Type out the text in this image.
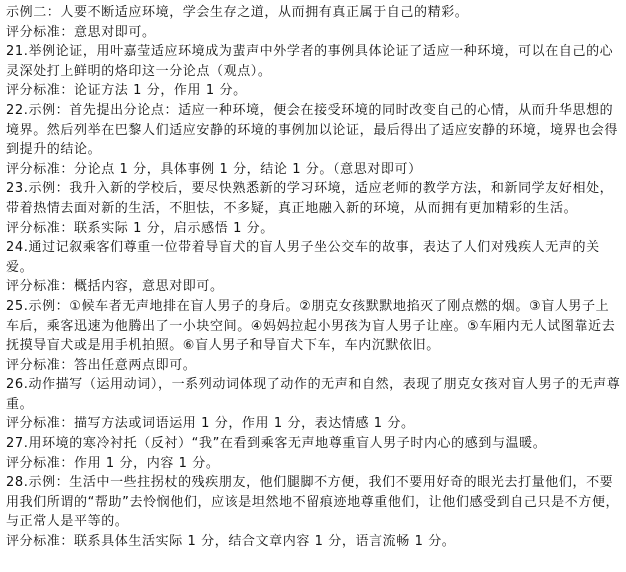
示例二：人要不断适应环境，学会生存之道，从而拥有真正属于自己的精彩。

评分标准：意思对即可。

21.举例论证，用叶嘉莹适应环境成为蜚声中外学者的事例具体论证了适应一种环境，可以在自己的心灵深处打上鲜明的烙印这一分论点（观点）。

评分标准：论证方法 1 分，作用 1 分。

22.示例：首先提出分论点：适应一种环境，便会在接受环境的同时改变自己的心情，从而升华思想的境界。然后列举在巴黎人们适应安静的环境的事例加以论证，最后得出了适应安静的环境，境界也会得到提升的结论。

评分标准：分论点 1 分，具体事例 1 分，结论 1 分。（意思对即可）

23.示例：我升入新的学校后，要尽快熟悉新的学习环境，适应老师的教学方法，和新同学友好相处，带着热情去面对新的生活，不胆怯，不多疑，真正地融入新的环境，从而拥有更加精彩的生活。

评分标准：联系实际 1 分，启示感悟 1 分。

24.通过记叙乘客们尊重一位带着导盲犬的盲人男子坐公交车的故事，表达了人们对残疾人无声的关爱。

评分标准：概括内容，意思对即可。

25.示例：①候车者无声地排在盲人男子的身后。②朋克女孩默默地掐灭了刚点燃的烟。③盲人男子上车后，乘客迅速为他腾出了一小块空间。④妈妈拉起小男孩为盲人男子让座。⑤车厢内无人试图靠近去抚摸导盲犬或是用手机拍照。⑥盲人男子和导盲犬下车，车内沉默依旧。

评分标准：答出任意两点即可。

26.动作描写（运用动词），一系列动词体现了动作的无声和自然，表现了朋克女孩对盲人男子的无声尊重。

评分标准：描写方法或词语运用 1 分，作用 1 分，表达情感 1 分。

27.用环境的寒冷衬托（反衬）“我”在看到乘客无声地尊重盲人男子时内心的感到与温暖。

评分标准：作用 1 分，内容 1 分。

28.示例：生活中一些拄拐杖的残疾朋友，他们腿脚不方便，我们不要用好奇的眼光去打量他们，不要用我们所谓的“帮助”去怜悯他们，应该是坦然地不留痕迹地尊重他们，让他们感受到自己只是不方便，与正常人是平等的。

评分标准：联系具体生活实际 1 分，结合文章内容 1 分，语言流畅 1 分。
